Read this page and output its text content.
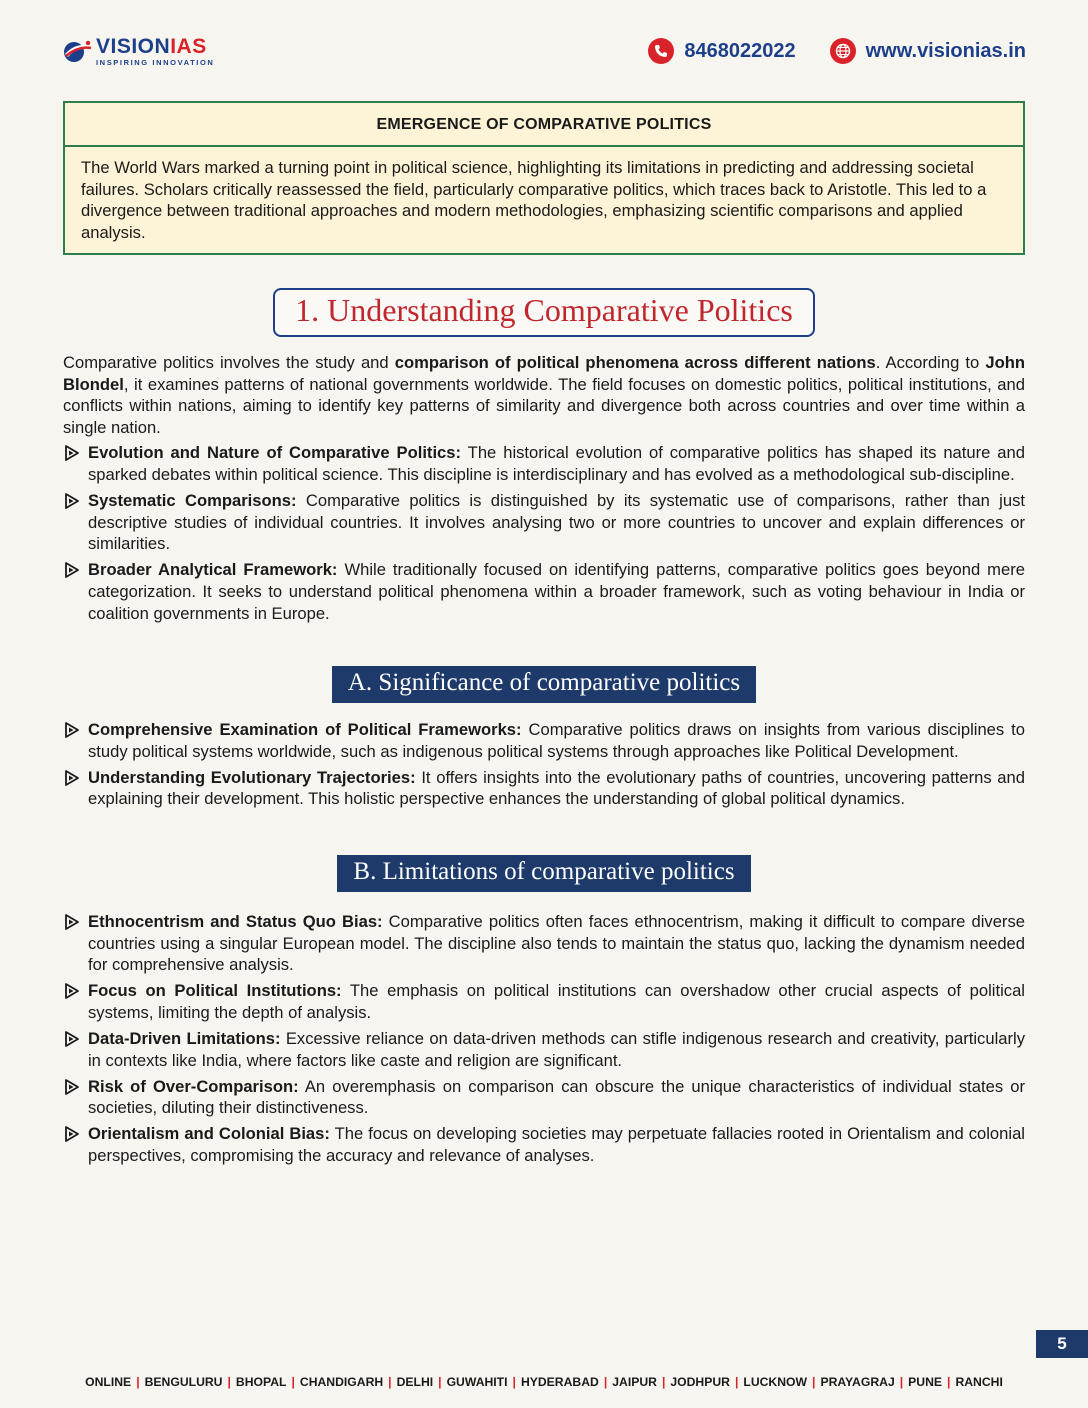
VISIONIAS
INSPIRING INNOVATION
8468022022	www.visionias.in
EMERGENCE OF COMPARATIVE POLITICS
The World Wars marked a turning point in political science, highlighting its limitations in predicting and addressing societal failures. Scholars critically reassessed the field, particularly comparative politics, which traces back to Aristotle. This led to a divergence between traditional approaches and modern methodologies, emphasizing scientific comparisons and applied analysis.
1. Understanding Comparative Politics

Comparative politics involves the study and comparison of political phenomena across different nations. According to John Blondel, it examines patterns of national governments worldwide. The field focuses on domestic politics, political institutions, and conflicts within nations, aiming to identify key patterns of similarity and divergence both across countries and over time within a single nation.

Evolution and Nature of Comparative Politics: The historical evolution of comparative politics has shaped its nature and sparked debates within political science. This discipline is interdisciplinary and has evolved as a methodological sub-discipline.
Systematic Comparisons: Comparative politics is distinguished by its systematic use of comparisons, rather than just descriptive studies of individual countries. It involves analysing two or more countries to uncover and explain differences or similarities.
Broader Analytical Framework: While traditionally focused on identifying patterns, comparative politics goes beyond mere categorization. It seeks to understand political phenomena within a broader framework, such as voting behaviour in India or coalition governments in Europe.
A. Significance of comparative politics
Comprehensive Examination of Political Frameworks: Comparative politics draws on insights from various disciplines to study political systems worldwide, such as indigenous political systems through approaches like Political Development.
Understanding Evolutionary Trajectories: It offers insights into the evolutionary paths of countries, uncovering patterns and explaining their development. This holistic perspective enhances the understanding of global political dynamics.
B. Limitations of comparative politics
Ethnocentrism and Status Quo Bias: Comparative politics often faces ethnocentrism, making it difficult to compare diverse countries using a singular European model. The discipline also tends to maintain the status quo, lacking the dynamism needed for comprehensive analysis.
Focus on Political Institutions: The emphasis on political institutions can overshadow other crucial aspects of political systems, limiting the depth of analysis.
Data-Driven Limitations: Excessive reliance on data-driven methods can stifle indigenous research and creativity, particularly in contexts like India, where factors like caste and religion are significant.
Risk of Over-Comparison: An overemphasis on comparison can obscure the unique characteristics of individual states or societies, diluting their distinctiveness.
Orientalism and Colonial Bias: The focus on developing societies may perpetuate fallacies rooted in Orientalism and colonial perspectives, compromising the accuracy and relevance of analyses.
5
ONLINE | BENGULURU | BHOPAL | CHANDIGARH | DELHI | GUWAHITI | HYDERABAD | JAIPUR | JODHPUR | LUCKNOW | PRAYAGRAJ | PUNE | RANCHI
